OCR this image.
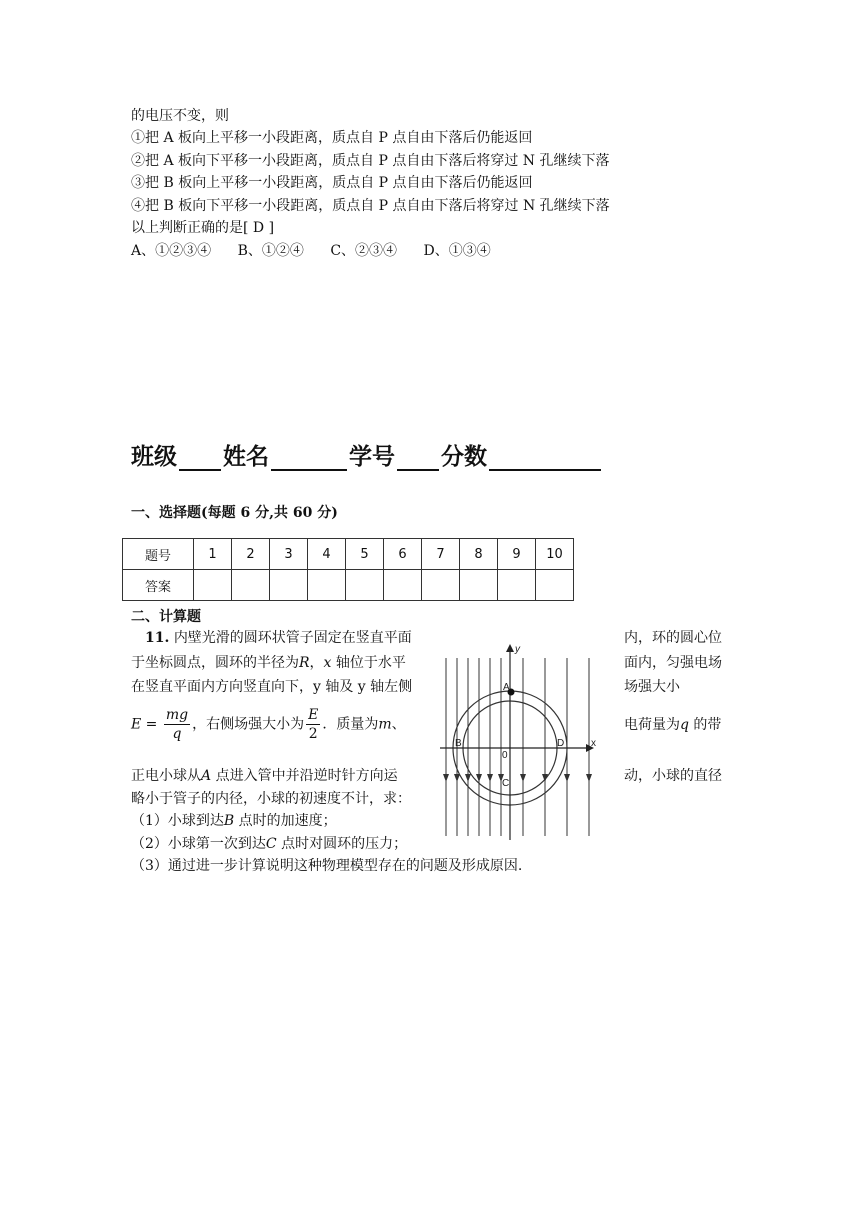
的电压不变，则
①把 A 板向上平移一小段距离，质点自 P 点自由下落后仍能返回
②把 A 板向下平移一小段距离，质点自 P 点自由下落后将穿过 N 孔继续下落
③把 B 板向上平移一小段距离，质点自 P 点自由下落后仍能返回
④把 B 板向下平移一小段距离，质点自 P 点自由下落后将穿过 N 孔继续下落
以上判断正确的是[ D ]
A、①②③④ B、①②④ C、②③④ D、①③④
班级 姓名	学号 分数
一、选择题(每题 6 分,共 60 分)
题号	1	2	3	4	5	6	7	8	9	10
答案										
二、计算题
11. 内壁光滑的圆环状管子固定在竖直平面	内，环的圆心位
于坐标圆点，圆环的半径为R，x 轴位于水平	面内，匀强电场
在竖直平面内方向竖直向下，y 轴及 y 轴左侧	场强大小
$E = \frac{mg}{q}$ ，右侧场强大小为 $\frac{E}{2}$ ．质量为m、	电荷量为q 的带
正电小球从A 点进入管中并沿逆时针方向运	动，小球的直径
略小于管子的内径，小球的初速度不计，求：
（1）小球到达B 点时的加速度；
（2）小球第一次到达C 点时对圆环的压力；
（3）通过进一步计算说明这种物理模型存在的问题及形成原因.
y
x
A
B
C
D
0
